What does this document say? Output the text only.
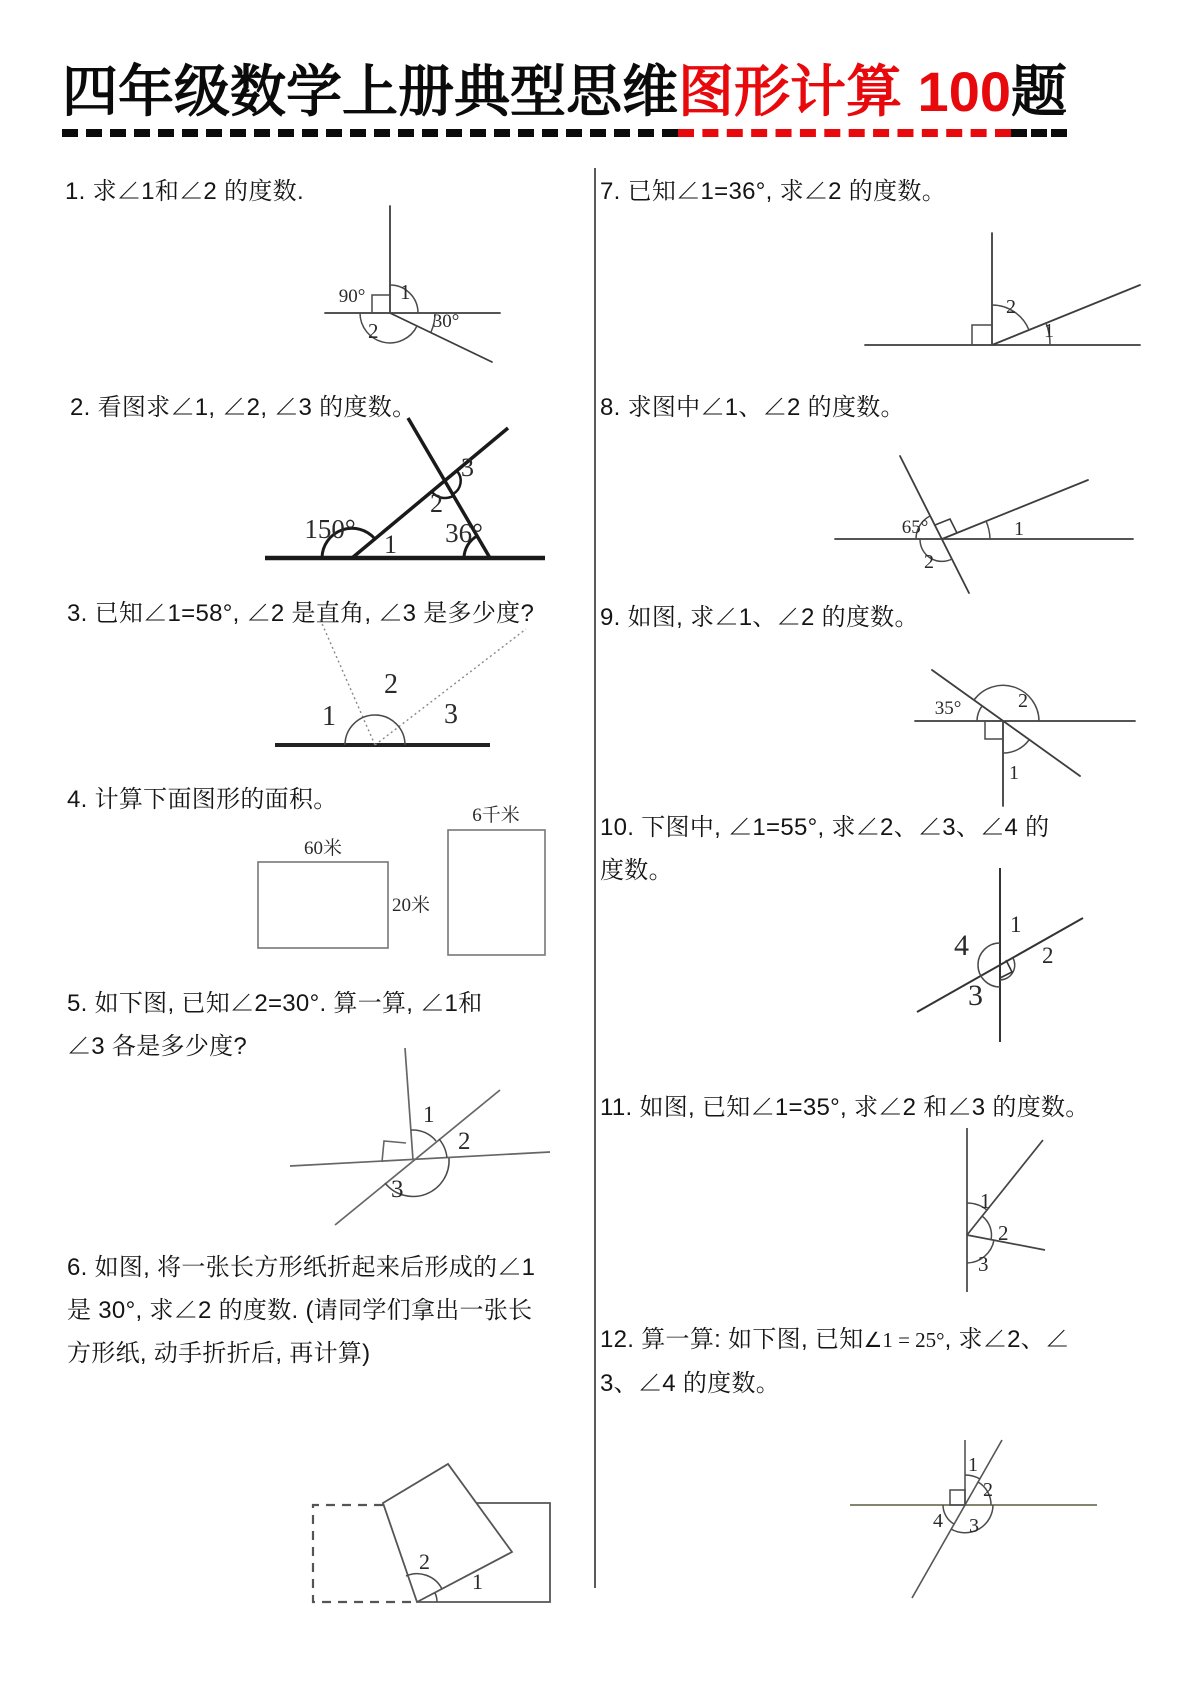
四年级数学上册典型思维图形计算 100题
1. 求∠1和∠2 的度数.
90° 1
2	30°
2. 看图求∠1, ∠2, ∠3 的度数。
3
2
150°
1 36°
3. 已知∠1=58°, ∠2 是直角, ∠3 是多少度?
1
2
3
4. 计算下面图形的面积。
60米
20米
6千米
5. 如下图, 已知∠2=30°. 算一算, ∠1和
∠3 各是多少度?
1
2
3
6. 如图, 将一张长方形纸折起来后形成的∠1
是 30°, 求∠2 的度数. (请同学们拿出一张长
方形纸, 动手折折后, 再计算)
2
1
7. 已知∠1=36°, 求∠2 的度数。
2
1
8. 求图中∠1、∠2 的度数。
65°	1
2
9. 如图, 求∠1、∠2 的度数。
35°	2
1
10. 下图中, ∠1=55°, 求∠2、∠3、∠4 的
度数。
4
1
2
3
11. 如图, 已知∠1=35°, 求∠2 和∠3 的度数。
1
2
3
12. 算一算: 如下图, 已知∠1 = 25°, 求∠2、∠
3、∠4 的度数。
1
2
4 3
